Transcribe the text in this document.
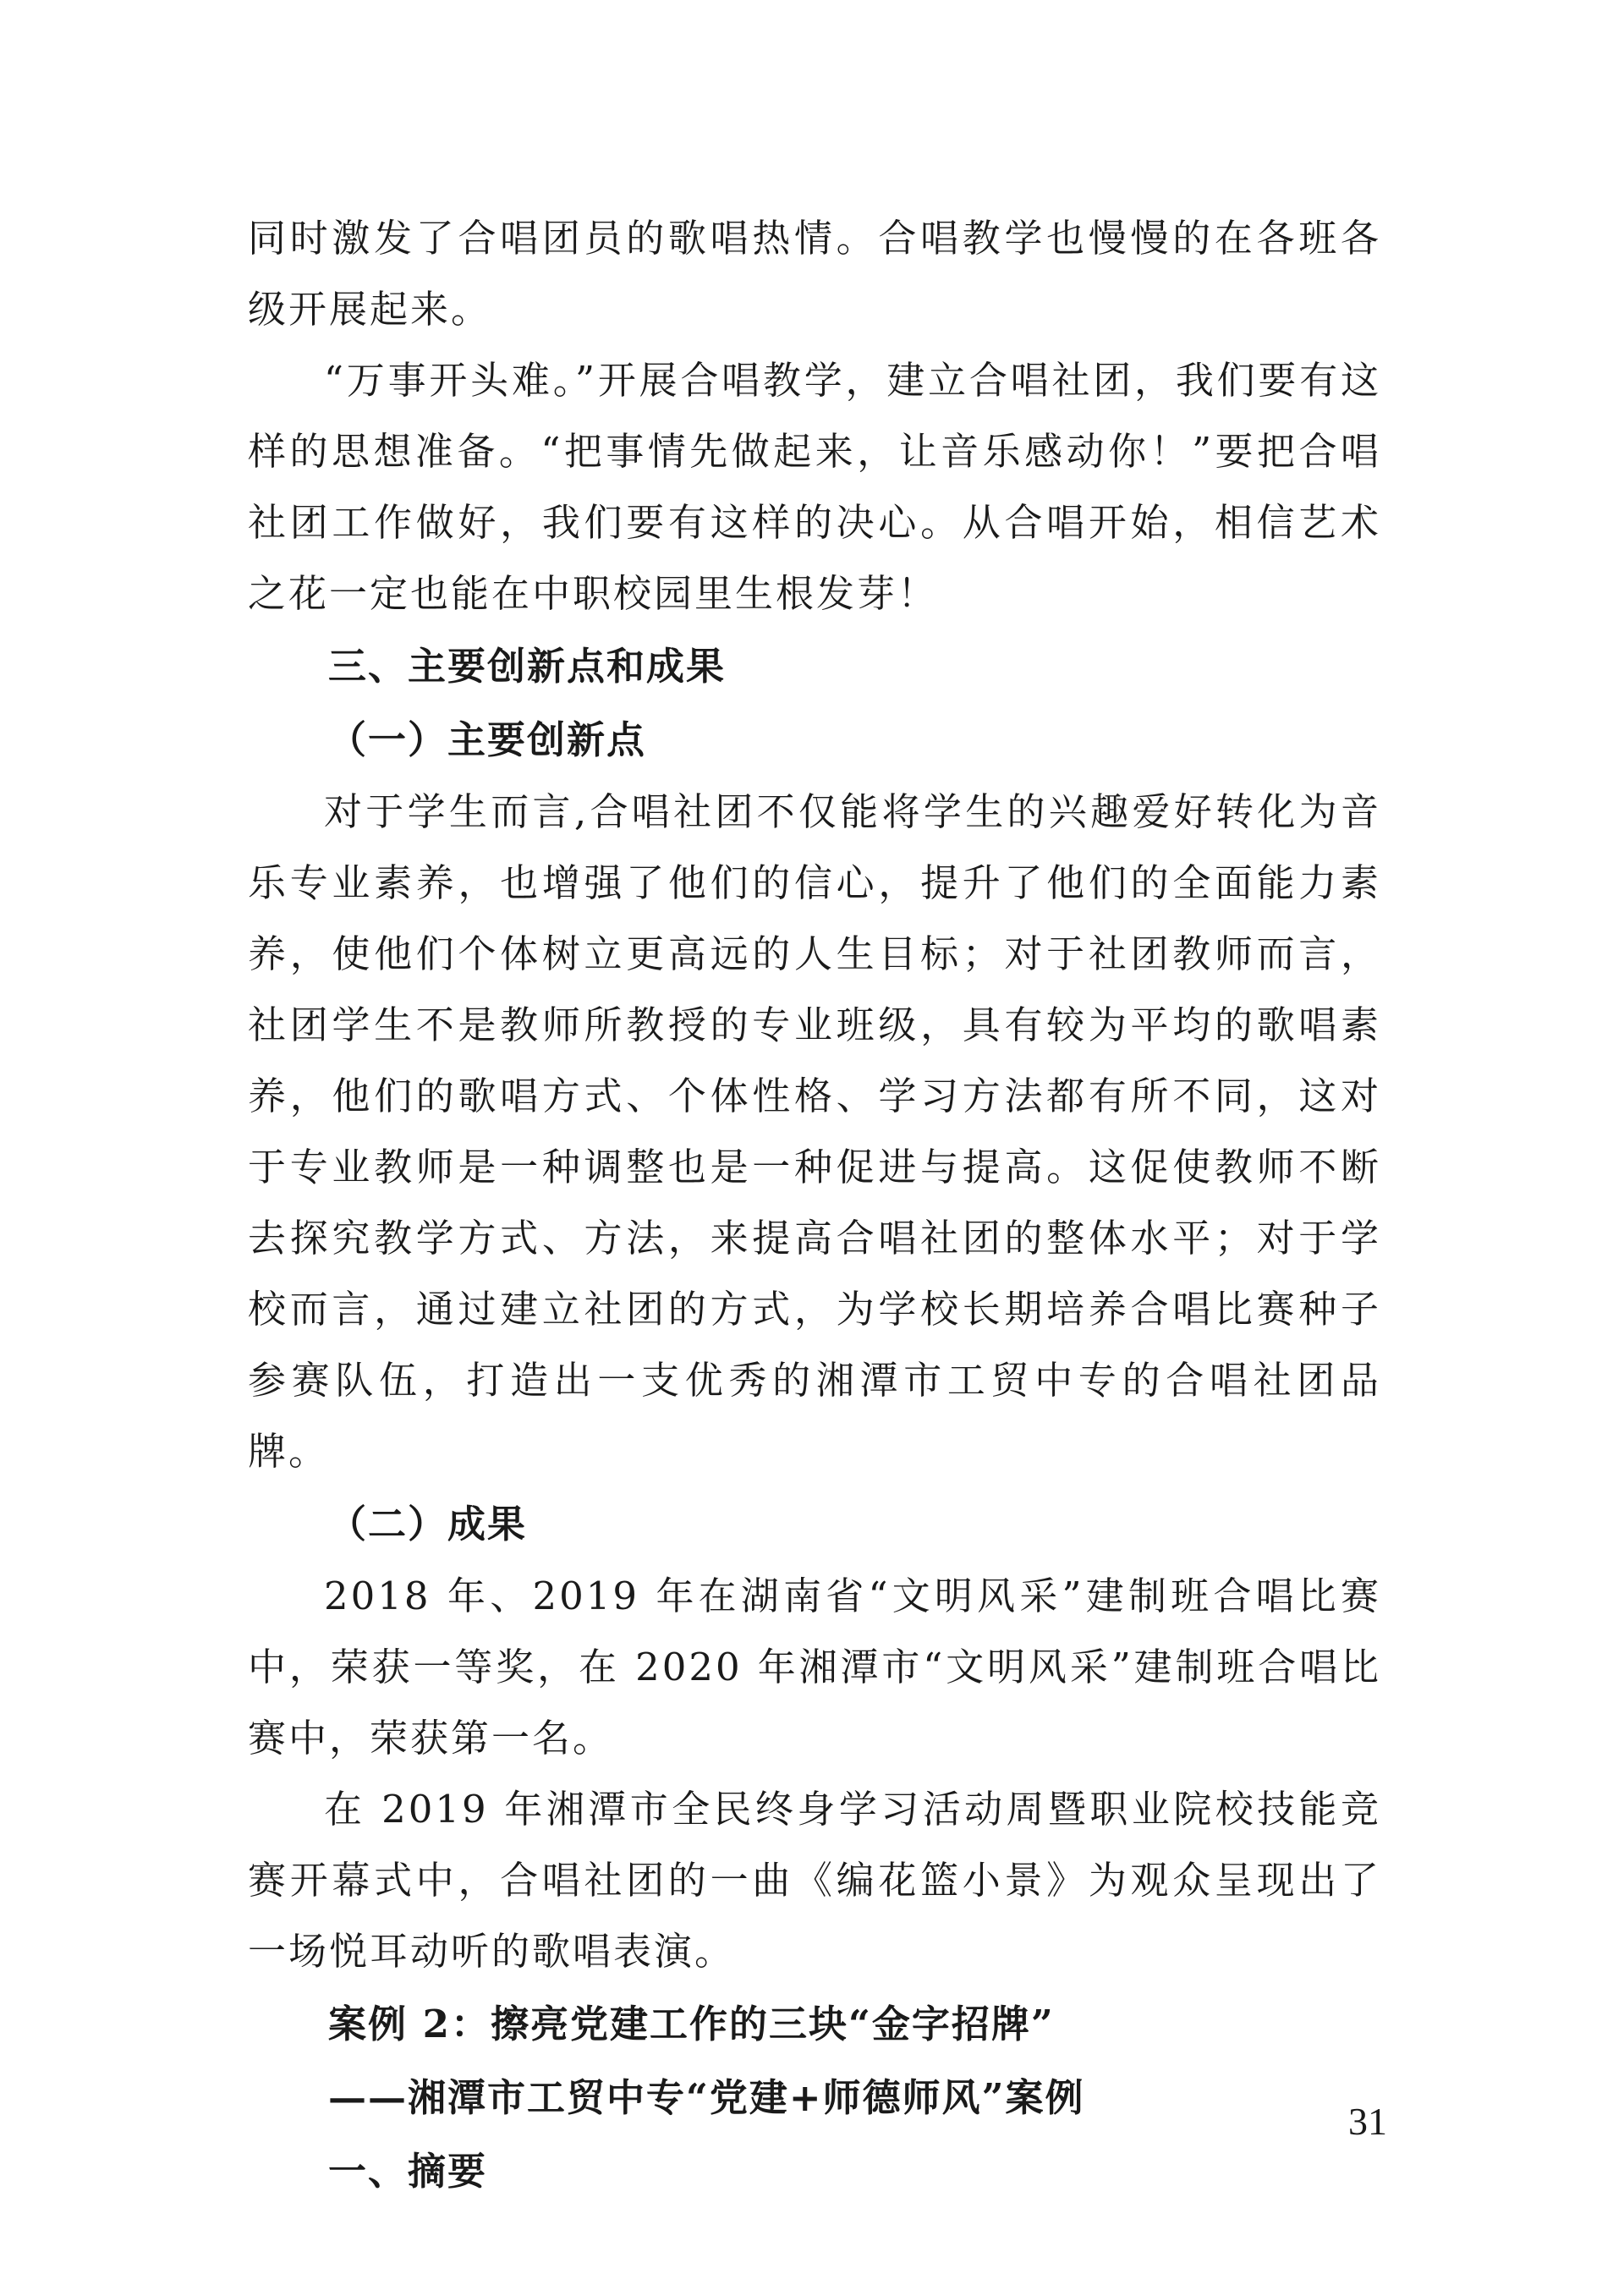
同时激发了合唱团员的歌唱热情。合唱教学也慢慢的在各班各级开展起来。

“万事开头难。”开展合唱教学，建立合唱社团，我们要有这样的思想准备。“把事情先做起来，让音乐感动你！”要把合唱社团工作做好，我们要有这样的决心。从合唱开始，相信艺术之花一定也能在中职校园里生根发芽！

三、主要创新点和成果

（一）主要创新点

对于学生而言,合唱社团不仅能将学生的兴趣爱好转化为音乐专业素养，也增强了他们的信心，提升了他们的全面能力素养，使他们个体树立更高远的人生目标；对于社团教师而言，社团学生不是教师所教授的专业班级，具有较为平均的歌唱素养，他们的歌唱方式、个体性格、学习方法都有所不同，这对于专业教师是一种调整也是一种促进与提高。这促使教师不断去探究教学方式、方法，来提高合唱社团的整体水平；对于学校而言，通过建立社团的方式，为学校长期培养合唱比赛种子参赛队伍，打造出一支优秀的湘潭市工贸中专的合唱社团品牌。

（二）成果

2018 年、2019 年在湖南省“文明风采”建制班合唱比赛中，荣获一等奖，在 2020 年湘潭市“文明风采”建制班合唱比赛中，荣获第一名。

在 2019 年湘潭市全民终身学习活动周暨职业院校技能竞赛开幕式中，合唱社团的一曲《编花篮小景》为观众呈现出了一场悦耳动听的歌唱表演。

案例 2：擦亮党建工作的三块“金字招牌”

——湘潭市工贸中专“党建+师德师风”案例

一、摘要

31
